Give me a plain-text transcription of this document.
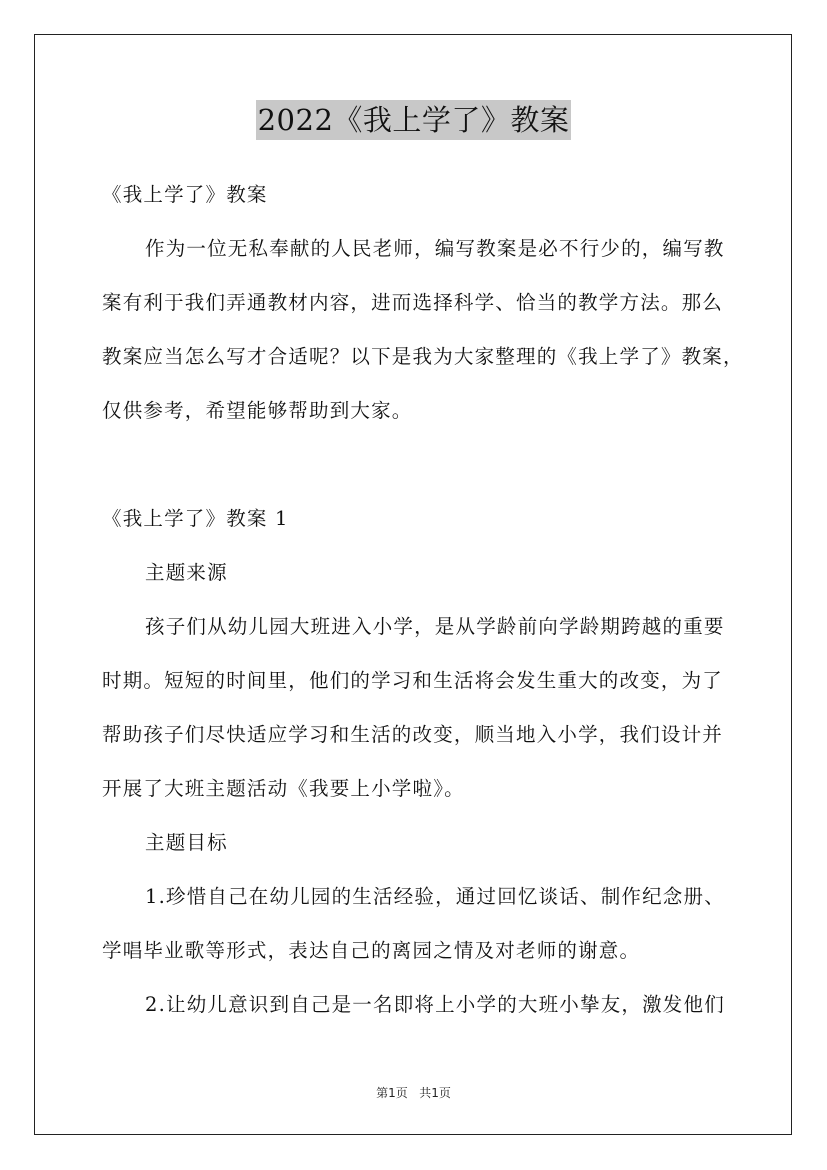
2022《我上学了》教案
《我上学了》教案
作为一位无私奉献的人民老师，编写教案是必不行少的，编写教
案有利于我们弄通教材内容，进而选择科学、恰当的教学方法。那么
教案应当怎么写才合适呢？以下是我为大家整理的《我上学了》教案，
仅供参考，希望能够帮助到大家。
《我上学了》教案 1
主题来源
孩子们从幼儿园大班进入小学，是从学龄前向学龄期跨越的重要
时期。短短的时间里，他们的学习和生活将会发生重大的改变，为了
帮助孩子们尽快适应学习和生活的改变，顺当地入小学，我们设计并
开展了大班主题活动《我要上小学啦》。
主题目标
1.珍惜自己在幼儿园的生活经验，通过回忆谈话、制作纪念册、
学唱毕业歌等形式，表达自己的离园之情及对老师的谢意。
2.让幼儿意识到自己是一名即将上小学的大班小挚友，激发他们
第1页 共1页
